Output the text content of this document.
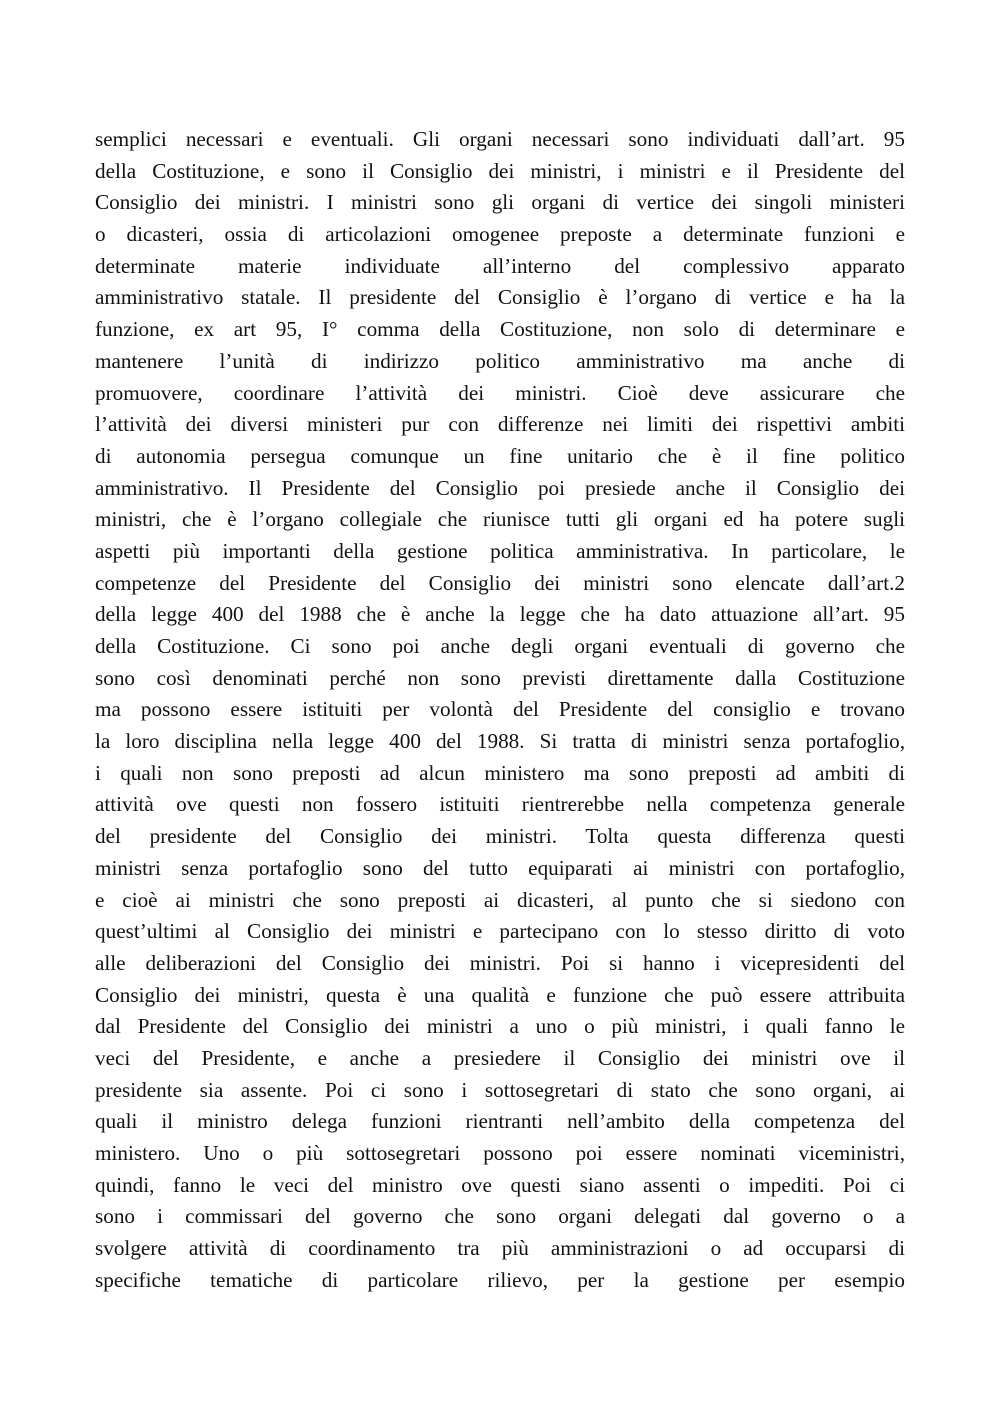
semplici necessari e eventuali. Gli organi necessari sono individuati dall’art. 95
della Costituzione, e sono il Consiglio dei ministri, i ministri e il Presidente del
Consiglio dei ministri. I ministri sono gli organi di vertice dei singoli ministeri
o dicasteri, ossia di articolazioni omogenee preposte a determinate funzioni e
determinate materie individuate all’interno del complessivo apparato
amministrativo statale. Il presidente del Consiglio è l’organo di vertice e ha la
funzione, ex art 95, I° comma della Costituzione, non solo di determinare e
mantenere l’unità di indirizzo politico amministrativo ma anche di
promuovere, coordinare l’attività dei ministri. Cioè deve assicurare che
l’attività dei diversi ministeri pur con differenze nei limiti dei rispettivi ambiti
di autonomia persegua comunque un fine unitario che è il fine politico
amministrativo. Il Presidente del Consiglio poi presiede anche il Consiglio dei
ministri, che è l’organo collegiale che riunisce tutti gli organi ed ha potere sugli
aspetti più importanti della gestione politica amministrativa. In particolare, le
competenze del Presidente del Consiglio dei ministri sono elencate dall’art.2
della legge 400 del 1988 che è anche la legge che ha dato attuazione all’art. 95
della Costituzione. Ci sono poi anche degli organi eventuali di governo che
sono così denominati perché non sono previsti direttamente dalla Costituzione
ma possono essere istituiti per volontà del Presidente del consiglio e trovano
la loro disciplina nella legge 400 del 1988. Si tratta di ministri senza portafoglio,
i quali non sono preposti ad alcun ministero ma sono preposti ad ambiti di
attività ove questi non fossero istituiti rientrerebbe nella competenza generale
del presidente del Consiglio dei ministri. Tolta questa differenza questi
ministri senza portafoglio sono del tutto equiparati ai ministri con portafoglio,
e cioè ai ministri che sono preposti ai dicasteri, al punto che si siedono con
quest’ultimi al Consiglio dei ministri e partecipano con lo stesso diritto di voto
alle deliberazioni del Consiglio dei ministri. Poi si hanno i vicepresidenti del
Consiglio dei ministri, questa è una qualità e funzione che può essere attribuita
dal Presidente del Consiglio dei ministri a uno o più ministri, i quali fanno le
veci del Presidente, e anche a presiedere il Consiglio dei ministri ove il
presidente sia assente. Poi ci sono i sottosegretari di stato che sono organi, ai
quali il ministro delega funzioni rientranti nell’ambito della competenza del
ministero. Uno o più sottosegretari possono poi essere nominati viceministri,
quindi, fanno le veci del ministro ove questi siano assenti o impediti. Poi ci
sono i commissari del governo che sono organi delegati dal governo o a
svolgere attività di coordinamento tra più amministrazioni o ad occuparsi di
specifiche tematiche di particolare rilievo, per la gestione per esempio
